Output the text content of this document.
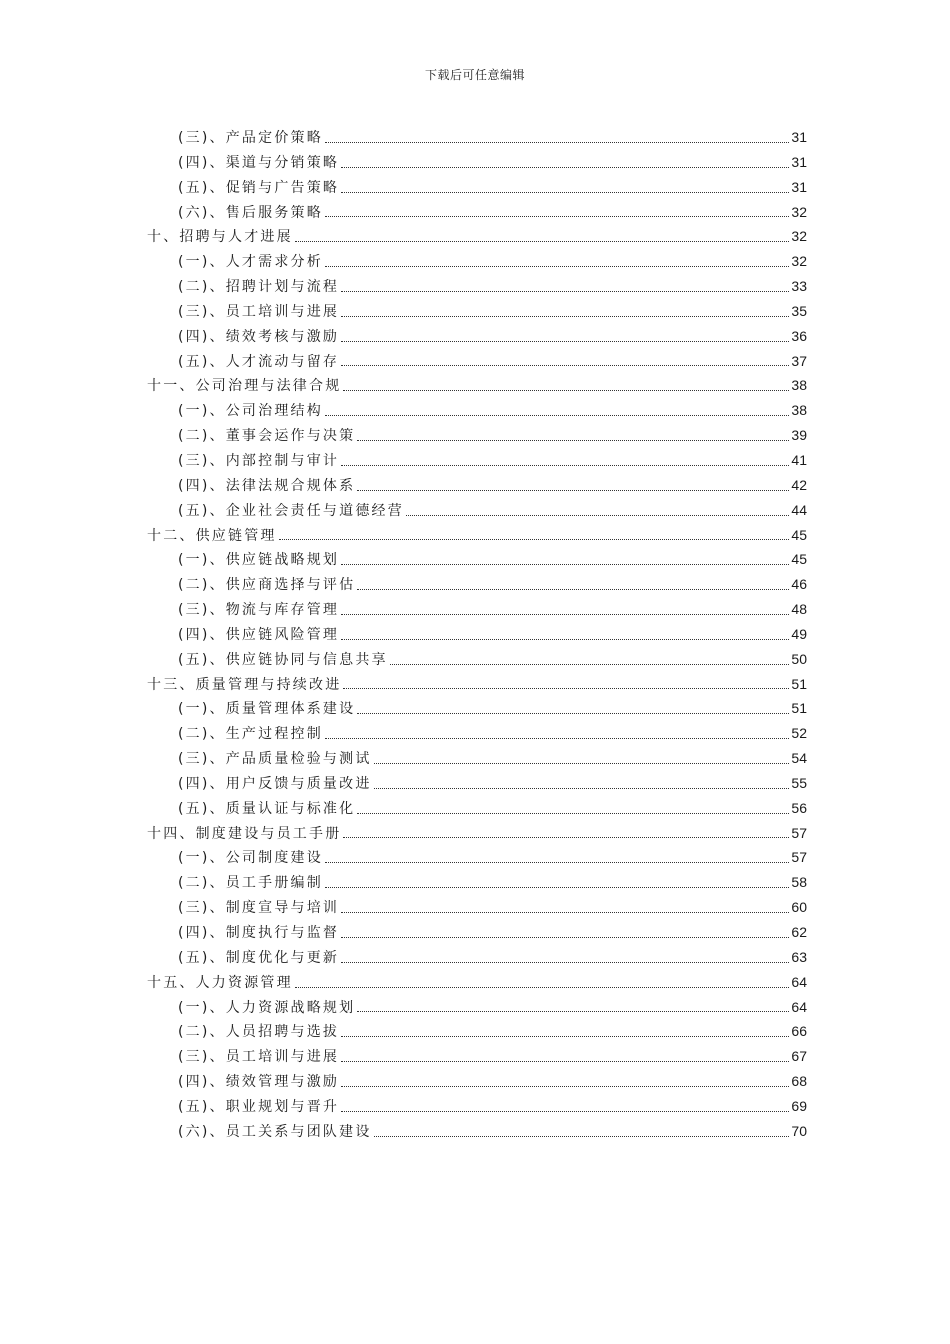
下载后可任意编辑
(三)、产品定价策略	31
(四)、渠道与分销策略	31
(五)、促销与广告策略	31
(六)、售后服务策略	32
十、招聘与人才进展	32
(一)、人才需求分析	32
(二)、招聘计划与流程	33
(三)、员工培训与进展	35
(四)、绩效考核与激励	36
(五)、人才流动与留存	37
十一、公司治理与法律合规	38
(一)、公司治理结构	38
(二)、董事会运作与决策	39
(三)、内部控制与审计	41
(四)、法律法规合规体系	42
(五)、企业社会责任与道德经营	44
十二、供应链管理	45
(一)、供应链战略规划	45
(二)、供应商选择与评估	46
(三)、物流与库存管理	48
(四)、供应链风险管理	49
(五)、供应链协同与信息共享	50
十三、质量管理与持续改进	51
(一)、质量管理体系建设	51
(二)、生产过程控制	52
(三)、产品质量检验与测试	54
(四)、用户反馈与质量改进	55
(五)、质量认证与标准化	56
十四、制度建设与员工手册	57
(一)、公司制度建设	57
(二)、员工手册编制	58
(三)、制度宣导与培训	60
(四)、制度执行与监督	62
(五)、制度优化与更新	63
十五、人力资源管理	64
(一)、人力资源战略规划	64
(二)、人员招聘与选拔	66
(三)、员工培训与进展	67
(四)、绩效管理与激励	68
(五)、职业规划与晋升	69
(六)、员工关系与团队建设	70
